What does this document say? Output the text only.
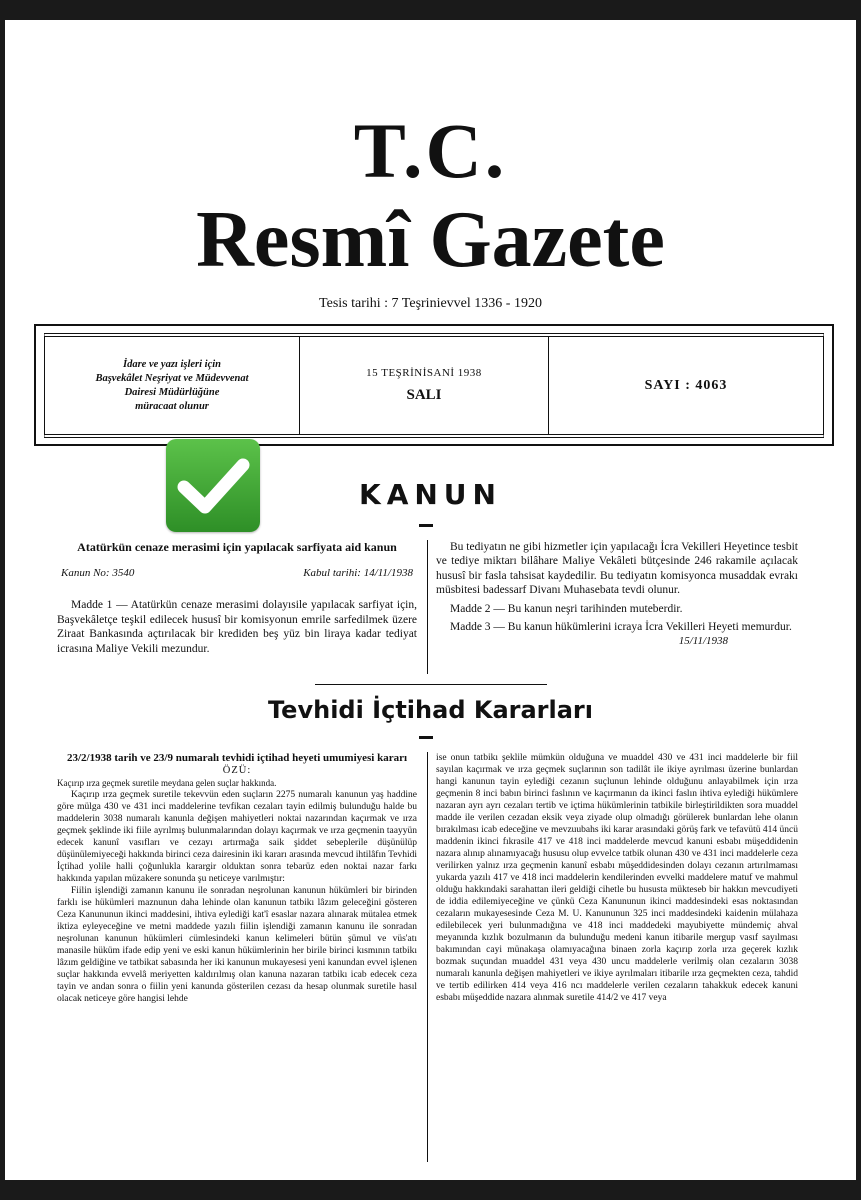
T.C.
Resmî Gazete
Tesis tarihi : 7 Teşrinievvel 1336 - 1920
İdare ve yazı işleri için
Başvekâlet Neşriyat ve Müdevvenat
Dairesi Müdürlüğüne
müracaat olunur
15 TEŞRİNİSANİ 1938
SALI
SAYI : 4063
KANUN

Atatürkün cenaze merasimi için yapılacak sarfiyata aid kanun

Kanun No: 3540	Kabul tarihi: 14/11/1938

Madde 1 — Atatürkün cenaze merasimi dolayısile yapılacak sarfiyat için, Başvekâletçe teşkil edilecek hususî bir komisyonun emrile sarfedilmek üzere Ziraat Bankasında açtırılacak bir krediden beş yüz bin liraya kadar tediyat icrasına Maliye Vekili mezundur.

Bu tediyatın ne gibi hizmetler için yapılacağı İcra Vekilleri Heyetince tesbit ve tediye miktarı bilâhare Maliye Vekâleti bütçesinde 246 rakamile açılacak hususî bir fasla tahsisat kaydedilir. Bu tediyatın komisyonca musaddak evrakı müsbitesi badessarf Divanı Muhasebata tevdi olunur.

Madde 2 — Bu kanun neşri tarihinden muteberdir.

Madde 3 — Bu kanun hükümlerini icraya İcra Vekilleri Heyeti memurdur.

15/11/1938

Tevhidi İçtihad Kararları

23/2/1938 tarih ve 23/9 numaralı tevhidi içtihad heyeti umumiyesi kararı

ÖZÜ:

Kaçırıp ırza geçmek suretile meydana gelen suçlar hakkında.

Kaçırıp ırza geçmek suretile tekevvün eden suçların 2275 numaralı kanunun yaş haddine göre mülga 430 ve 431 inci maddelerine tevfikan cezaları tayin edilmiş bulunduğu halde bu maddelerin 3038 numaralı kanunla değişen mahiyetleri noktai nazarından kaçırmak ve ırza geçmek şeklinde iki fiile ayrılmış bulunmalarından dolayı kaçırmak ve ırza geçmenin taayyün edecek kanunî vasıfları ve cezayı artırmağa saik şiddet sebeplerile düşünülüp düşünülemiyeceği hakkında birinci ceza dairesinin iki kararı arasında mevcud ihtilâfın Tevhidi İçtihad yolile halli çoğunlukla karargir olduktan sonra tebarüz eden noktai nazar farkı hakkında yapılan müzakere sonunda şu neticeye varılmıştır:

Fiilin işlendiği zamanın kanunu ile sonradan neşrolunan kanunun hükümleri bir birinden farklı ise hükümleri maznunun daha lehinde olan kanunun tatbikı lâzım geleceğini gösteren Ceza Kanununun ikinci maddesini, ihtiva eylediği kat'î esaslar nazara alınarak mütalea etmek iktiza eyleyeceğine ve metni maddede yazılı fiilin işlendiği zamanın kanunu ile sonradan neşrolunan kanunun hükümleri cümlesindeki kanun kelimeleri bütün şümul ve vüs'atı manasile hüküm ifade edip yeni ve eski kanun hükümlerinin her birile birinci kısmının tatbikı lâzım geldiğine ve tatbikat sabasında her iki kanunun mukayesesi yeni kanundan evvel işlenen suçlar hakkında evvelâ meriyetten kaldırılmış olan kanuna nazaran tatbikı icab edecek ceza tayin ve andan sonra o fiilin yeni kanunda gösterilen cezası da hesap olunmak suretile hasıl olacak neticeye göre hangisi lehde

ise onun tatbikı şeklile mümkün olduğuna ve muaddel 430 ve 431 inci maddelerle bir fiil sayılan kaçırmak ve ırza geçmek suçlarının son tadilât ile ikiye ayrılması üzerine bunlardan hangi kanunun tayin eylediği cezanın suçlunun lehinde olduğunu anlayabilmek için ırza geçmenin 8 inci babın birinci faslının ve kaçırmanın da ikinci faslın ihtiva eylediği hükümlere nazaran ayrı ayrı cezaları tertib ve içtima hükümlerinin tatbikile birleştirildikten sora muaddel madde ile verilen cezadan eksik veya ziyade olup olmadığı görülerek bunlardan lehe olanın bırakılması icab edeceğine ve mevzuubahs iki karar arasındaki görüş fark ve tefavütü 414 üncü maddenin ikinci fıkrasile 417 ve 418 inci maddelerde mevcud kanuni esbabı müşeddidenin nazara alınıp alınamıyacağı hususu olup evvelce tatbik olunan 430 ve 431 inci maddelerle ceza verilirken yalnız ırza geçmenin kanunî esbabı müşeddidesinden dolayı cezanın artırılmaması yukarda yazılı 417 ve 418 inci maddelerin kendilerinden evvelki maddelere matuf ve mahmul olduğu hakkındaki sarahattan ileri geldiği cihetle bu hususta mükteseb bir hakkın mevcudiyeti de iddia edilemiyeceğine ve çünkü Ceza Kanununun ikinci maddesindeki esas noktasından cezaların mukayesesinde Ceza M. U. Kanununun 325 inci maddesindeki kaidenin mülahaza edilebilecek yeri bulunmadığına ve 418 inci maddedeki mayubiyette mündemiç ahval meyanında kızlık bozulmanın da bulunduğu medeni kanun itibarile mergup vasıf sayılması bakımından cayi münakaşa olamıyacağına binaen zorla kaçırıp zorla ırza geçerek kızlık bozmak suçundan muaddel 431 veya 430 uncu maddelerle verilmiş olan cezaların 3038 numaralı kanunla değişen mahiyetleri ve ikiye ayrılmaları itibarile ırza geçmekten ceza, tahdid ve tertib edilirken 414 veya 416 ncı maddelerle verilen cezaların tahakkuk edecek kanuni esbabı müşeddide nazara alınmak suretile 414/2 ve 417 veya
